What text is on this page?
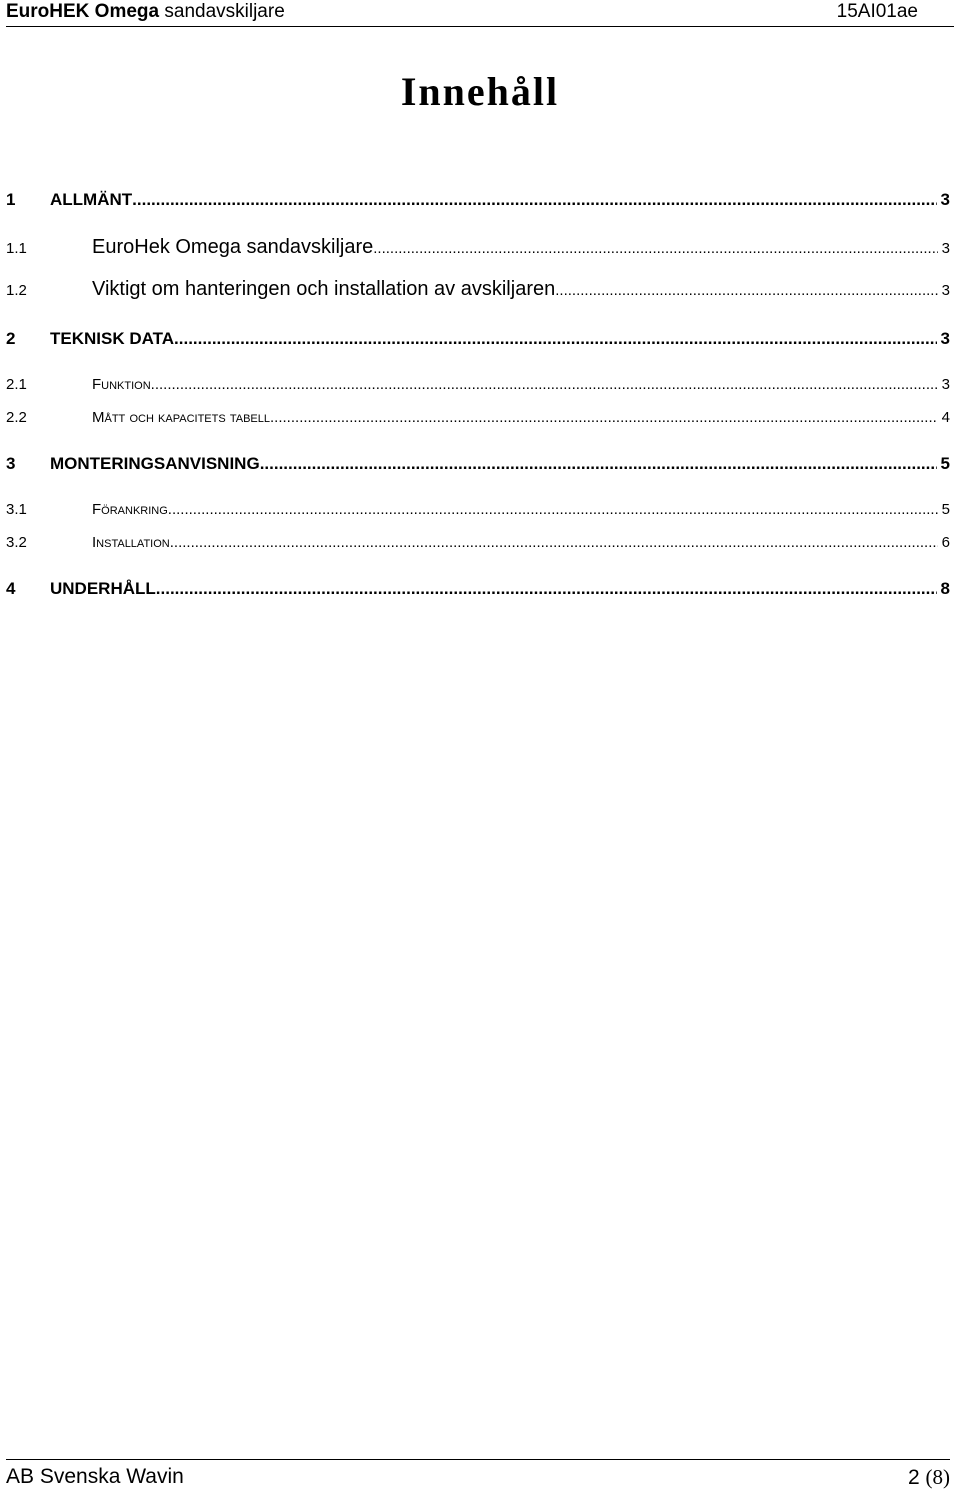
EuroHEK Omega sandavskiljare	15AI01ae
Innehåll
1	ALLMÄNT .....	3
1.1	EuroHek Omega sandavskiljare .....	3
1.2	Viktigt om hanteringen och installation av avskiljaren .....	3
2	TEKNISK DATA .....	3
2.1	Funktion .....	3
2.2	Mått och kapacitets tabell .....	4
3	MONTERINGSANVISNING .....	5
3.1	Förankring .....	5
3.2	Installation .....	6
4	UNDERHÅLL .....	8
AB Svenska Wavin	2 (8)
